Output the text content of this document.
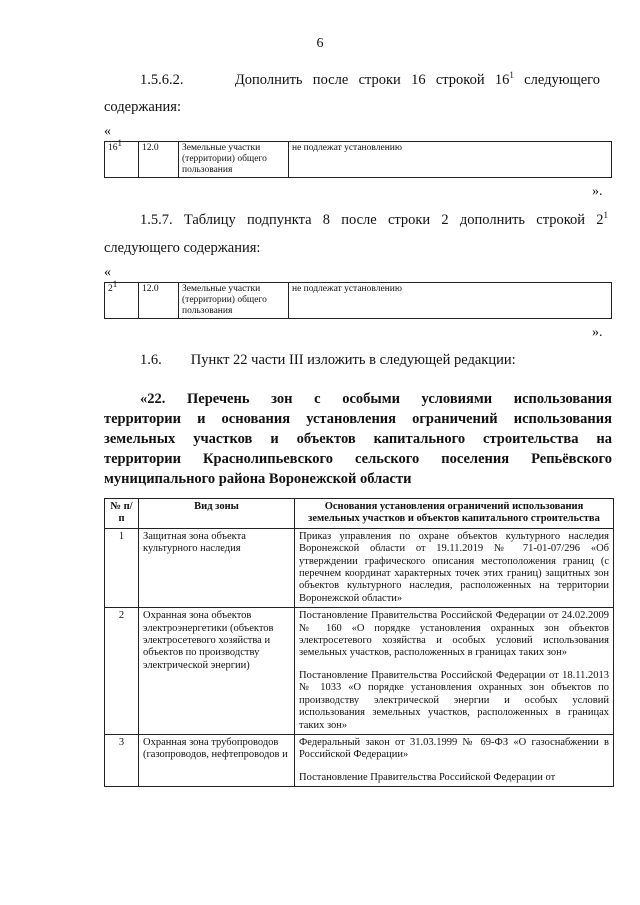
6
1.5.6.2.	Дополнить после строки 16 строкой $16^1$ следующего
содержания:
«
$16^1$	12.0	Земельные участки (территории) общего пользования	не подлежат установлению
».
1.5.7. Таблицу подпункта 8 после строки 2 дополнить строкой $2^1$
следующего содержания:
«
$2^1$	12.0	Земельные участки (территории) общего пользования	не подлежат установлению
».
1.6. Пункт 22 части III изложить в следующей редакции:
«22. Перечень зон с особыми условиями использования
территории и основания установления ограничений использования
земельных участков и объектов капитального строительства на
территории Краснолипьевского сельского поселения Репьёвского
муниципального района Воронежской области
№ п/п	Вид зоны	Основания установления ограничений использования земельных участков и объектов капитального строительства
1	Защитная зона объекта культурного наследия	Приказ управления по охране объектов культурного наследия Воронежской области от 19.11.2019 № 71-01-07/296 «Об утверждении графического описания местоположения границ (с перечнем координат характерных точек этих границ) защитных зон объектов культурного наследия, расположенных на территории Воронежской области»

2	Охранная зона объектов электроэнергетики (объектов электросетевого хозяйства и объектов по производству электрической энергии)	Постановление Правительства Российской Федерации от 24.02.2009 № 160 «О порядке установления охранных зон объектов электросетевого хозяйства и особых условий использования земельных участков, расположенных в границах таких зон»
Постановление Правительства Российской Федерации от 18.11.2013 № 1033 «О порядке установления охранных зон объектов по производству электрической энергии и особых условий использования земельных участков, расположенных в границах таких зон»

3	Охранная зона трубопроводов (газопроводов, нефтепроводов и	Федеральный закон от 31.03.1999 № 69-ФЗ «О газоснабжении в Российской Федерации»
Постановление Правительства Российской Федерации от
